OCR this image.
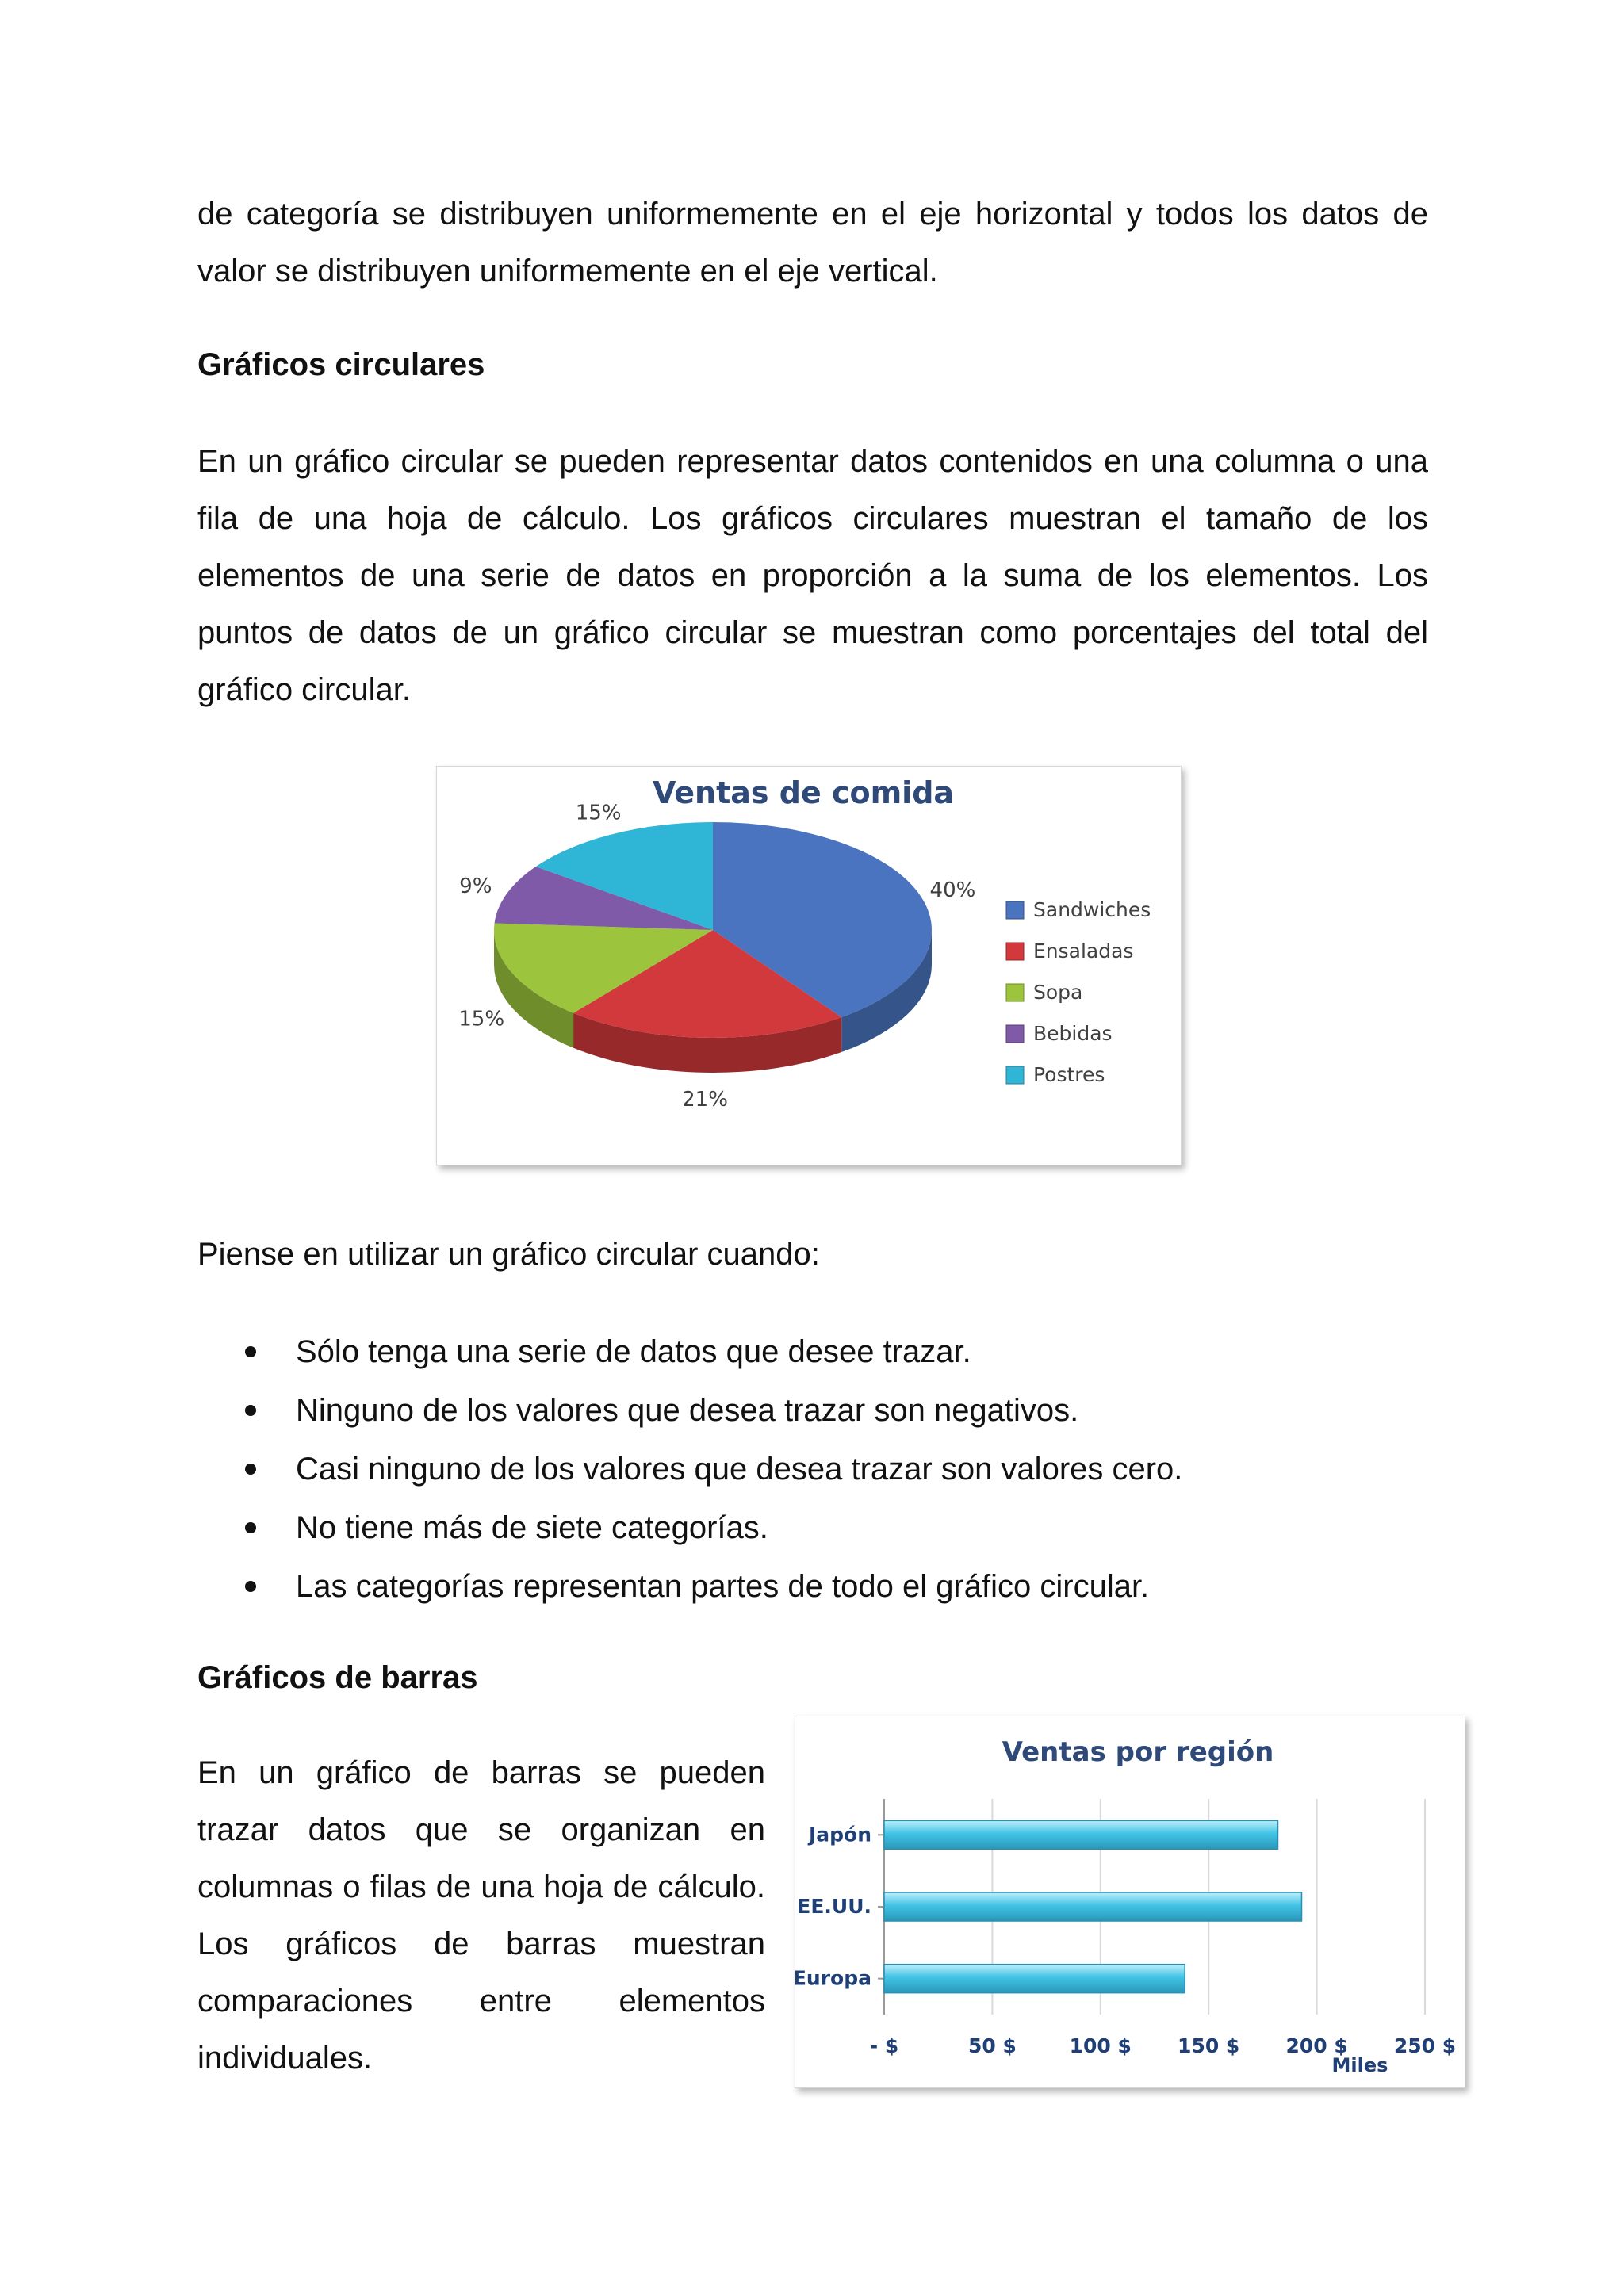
de categoría se distribuyen uniformemente en el eje horizontal y todos los datos de valor se distribuyen uniformemente en el eje vertical.

Gráficos circulares

En un gráfico circular se pueden representar datos contenidos en una columna o una fila de una hoja de cálculo. Los gráficos circulares muestran el tamaño de los elementos de una serie de datos en proporción a la suma de los elementos. Los puntos de datos de un gráfico circular se muestran como porcentajes del total del gráfico circular.

Ventas de comida
40%
21%
15%
9%
15%
Sandwiches
Ensaladas
Sopa
Bebidas
Postres

Piense en utilizar un gráfico circular cuando:

Sólo tenga una serie de datos que desee trazar.
Ninguno de los valores que desea trazar son negativos.
Casi ninguno de los valores que desea trazar son valores cero.
No tiene más de siete categorías.
Las categorías representan partes de todo el gráfico circular.
Gráficos de barras

En un gráfico de barras se pueden trazar datos que se organizan en columnas o filas de una hoja de cálculo. Los gráficos de barras muestran comparaciones entre elementos individuales.

Ventas por región
Japón
EE.UU.
Europa
- $	50 $	100 $ 150 $ 200 $ 250 $
Miles
